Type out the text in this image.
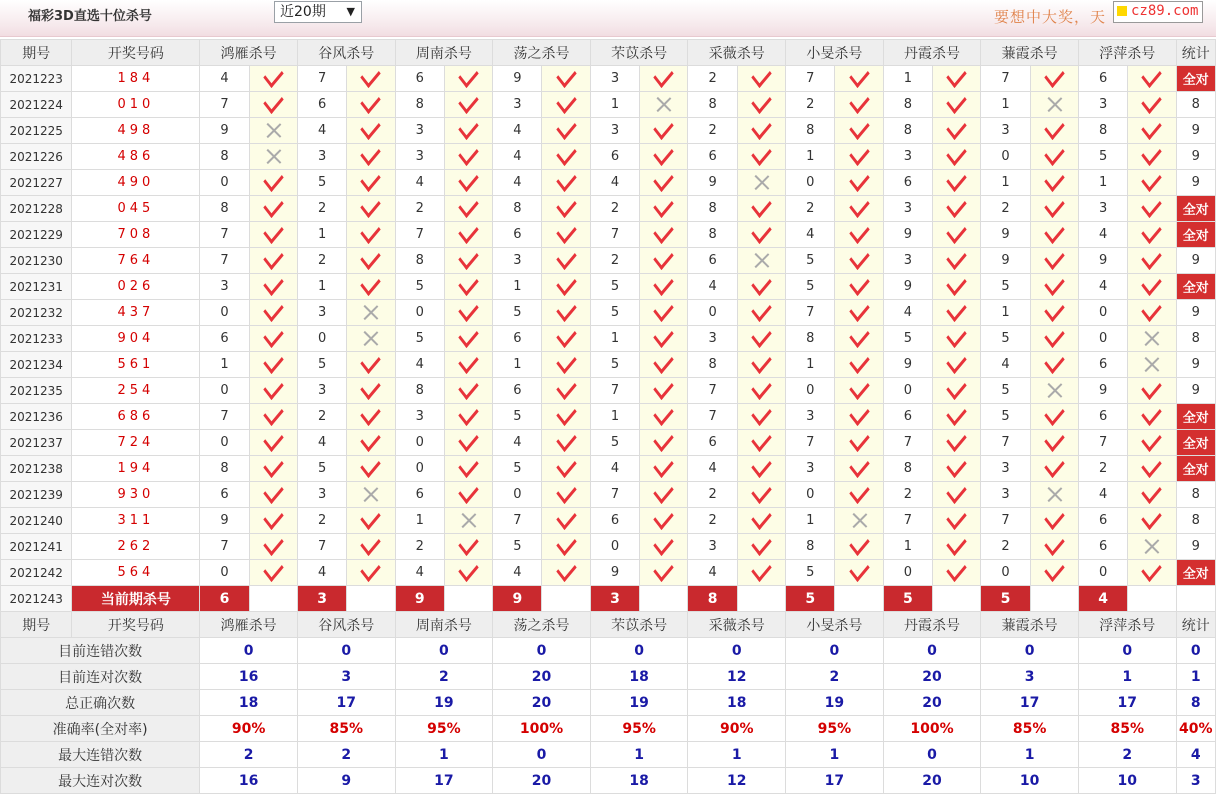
福彩3D直选十位杀号	近20期 ▼	要想中大奖，天	cz89.com
期号	开奖号码	鸿雁杀号		谷风杀号		周南杀号		荡之杀号		芣苡杀号		采薇杀号		小旻杀号		丹霞杀号		蒹霞杀号		浮萍杀号		统计
2021223	184	4		7		6		9		3		2		7		1		7		6		全对
2021224	010	7		6		8		3		1		8		2		8		1		3		8
2021225	498	9		4		3		4		3		2		8		8		3		8		9
2021226	486	8		3		3		4		6		6		1		3		0		5		9
2021227	490	0		5		4		4		4		9		0		6		1		1		9
2021228	045	8		2		2		8		2		8		2		3		2		3		全对
2021229	708	7		1		7		6		7		8		4		9		9		4		全对
2021230	764	7		2		8		3		2		6		5		3		9		9		9
2021231	026	3		1		5		1		5		4		5		9		5		4		全对
2021232	437	0		3		0		5		5		0		7		4		1		0		9
2021233	904	6		0		5		6		1		3		8		5		5		0		8
2021234	561	1		5		4		1		5		8		1		9		4		6		9
2021235	254	0		3		8		6		7		7		0		0		5		9		9
2021236	686	7		2		3		5		1		7		3		6		5		6		全对
2021237	724	0		4		0		4		5		6		7		7		7		7		全对
2021238	194	8		5		0		5		4		4		3		8		3		2		全对
2021239	930	6		3		6		0		7		2		0		2		3		4		8
2021240	311	9		2		1		7		6		2		1		7		7		6		8
2021241	262	7		7		2		5		0		3		8		1		2		6		9
2021242	564	0		4		4		4		9		4		5		0		0		0		全对
2021243	当前期杀号	6		3		9		9		3		8		5		5		5		4		
期号	开奖号码	鸿雁杀号		谷风杀号		周南杀号		荡之杀号		芣苡杀号		采薇杀号		小旻杀号		丹霞杀号		蒹霞杀号		浮萍杀号		统计
目前连错次数		0		0		0		0		0		0		0		0		0		0		0
目前连对次数		16		3		2		20		18		12		2		20		3		1		1
总正确次数		18		17		19		20		19		18		19		20		17		17		8
准确率(全对率)		90%		85%		95%		100%		95%		90%		95%		100%		85%		85%		40%
最大连错次数		2		2		1		0		1		1		1		0		1		2		4
最大连对次数		16		9		17		20		18		12		17		20		10		10		3
